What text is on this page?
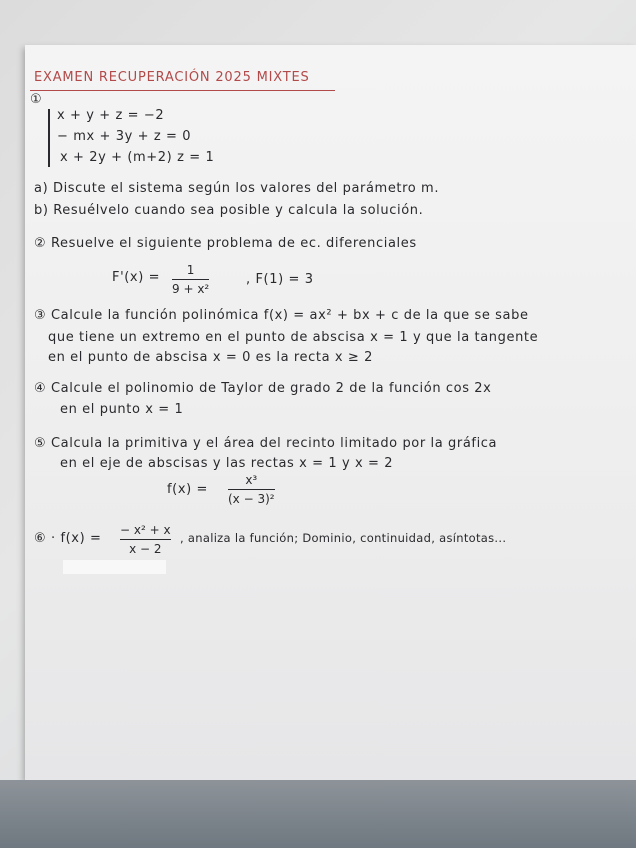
EXAMEN RECUPERACIÓN 2025 MIXTES
①
x + y + z = −2
− mx + 3y + z = 0
x + 2y + (m+2) z = 1
a) Discute el sistema según los valores del parámetro m.
b) Resuélvelo cuando sea posible y calcula la solución.
② Resuelve el siguiente problema de ec. diferenciales
F'(x) = 1
9 + x²
, F(1) = 3
③ Calcule la función polinómica f(x) = ax² + bx + c de la que se sabe
que tiene un extremo en el punto de abscisa x = 1 y que la tangente
en el punto de abscisa x = 0 es la recta x ≥ 2
④ Calcule el polinomio de Taylor de grado 2 de la función cos 2x
en el punto x = 1
⑤ Calcula la primitiva y el área del recinto limitado por la gráfica
en el eje de abscisas y las rectas x = 1 y x = 2
f(x) =
x³
(x − 3)²
⑥ · f(x) =
− x² + x
x − 2
, analiza la función; Dominio, continuidad, asíntotas...
